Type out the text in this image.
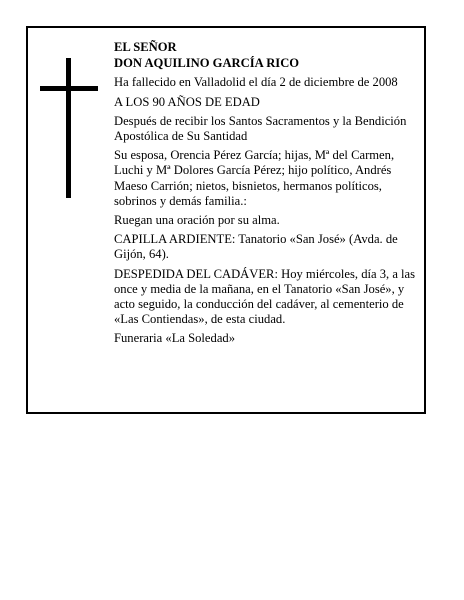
EL SEÑOR

DON AQUILINO GARCÍA RICO

Ha fallecido en Valladolid el día 2 de diciembre de 2008

A LOS 90 AÑOS DE EDAD

Después de recibir los Santos Sacramentos y la Bendición Apostólica de Su Santidad

Su esposa, Orencia Pérez García; hijas, Mª del Carmen, Luchi y Mª Dolores García Pérez; hijo político, Andrés Maeso Carrión; nietos, bisnietos, hermanos políticos, sobrinos y demás familia.:

Ruegan una oración por su alma.

CAPILLA ARDIENTE: Tanatorio «San José» (Avda. de Gijón, 64).

DESPEDIDA DEL CADÁVER: Hoy miércoles, día 3, a las once y media de la mañana, en el Tanatorio «San José», y acto seguido, la conducción del cadáver, al cementerio de «Las Contiendas», de esta ciudad.

Funeraria «La Soledad»
